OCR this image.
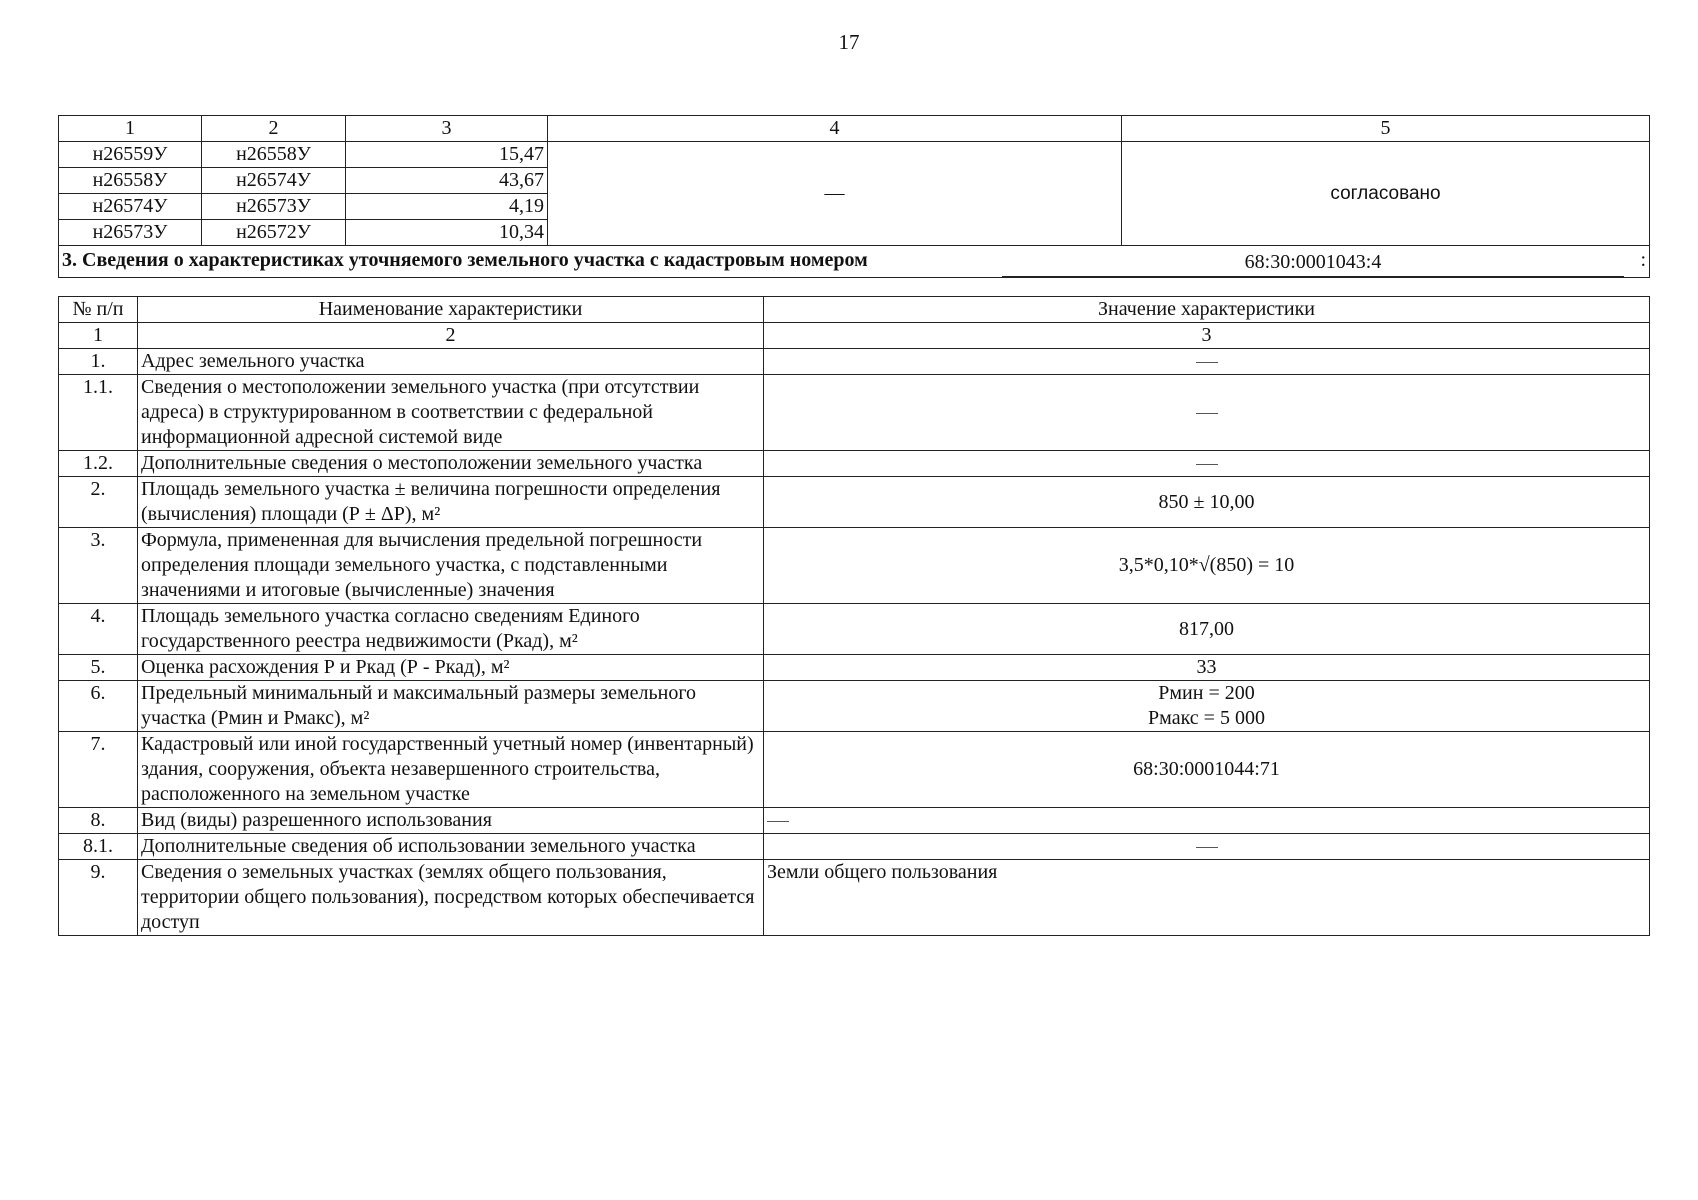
17
1	2	3	4	5
н26559У	н26558У	15,47	—	согласовано
н26558У	н26574У	43,67		
н26574У	н26573У	4,19		
н26573У	н26572У	10,34		

3. Сведения о характеристиках уточняемого земельного участка с кадастровым номером 68:30:0001043:4 :				
№ п/п	Наименование характеристики	Значение характеристики
1	2	3
1.	Адрес земельного участка	
1.1.	Сведения о местоположении земельного участка (при отсутствии адреса) в структурированном в соответствии с федеральной информационной адресной системой виде	
1.2.	Дополнительные сведения о местоположении земельного участка	
2.	Площадь земельного участка ± величина погрешности определения (вычисления) площади (Р ± ΔР), м²	850 ± 10,00
3.	Формула, примененная для вычисления предельной погрешности определения площади земельного участка, с подставленными значениями и итоговые (вычисленные) значения	3,5*0,10*√(850) = 10
4.	Площадь земельного участка согласно сведениям Единого государственного реестра недвижимости (Ркад), м²	817,00
5.	Оценка расхождения Р и Ркад (Р - Ркад), м²	33
6.	Предельный минимальный и максимальный размеры земельного участка (Рмин и Рмакс), м²	Рмин = 200
Рмакс = 5 000

7.	Кадастровый или иной государственный учетный номер (инвентарный) здания, сооружения, объекта незавершенного строительства, расположенного на земельном участке	68:30:0001044:71
8.	Вид (виды) разрешенного использования	
8.1.	Дополнительные сведения об использовании земельного участка	
9.	Сведения о земельных участках (землях общего пользования, территории общего пользования), посредством которых обеспечивается доступ	Земли общего пользования
